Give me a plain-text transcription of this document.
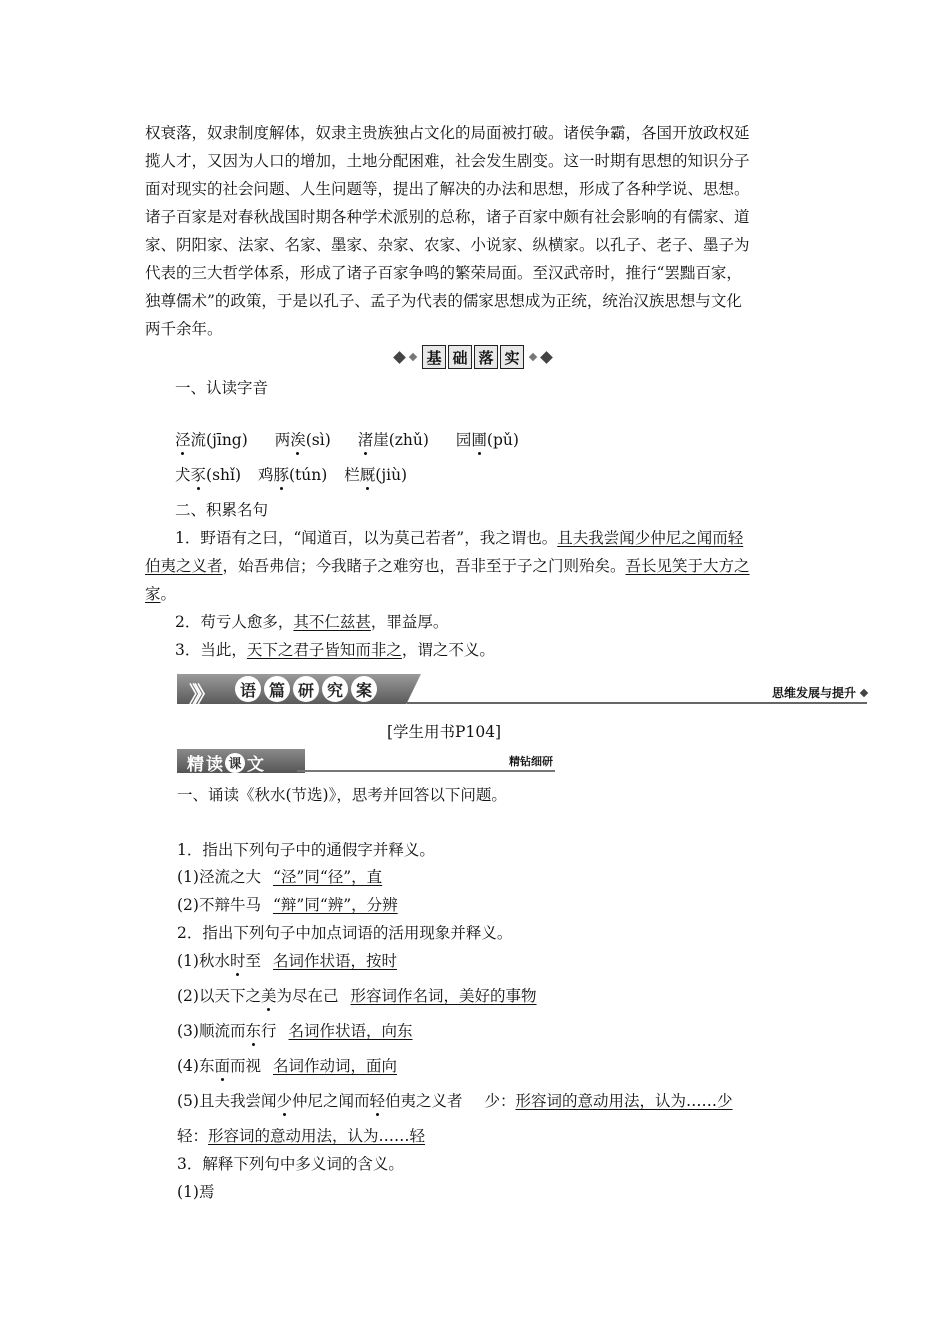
权衰落，奴隶制度解体，奴隶主贵族独占文化的局面被打破。诸侯争霸，各国开放政权延
揽人才，又因为人口的增加，土地分配困难，社会发生剧变。这一时期有思想的知识分子
面对现实的社会问题、人生问题等，提出了解决的办法和思想，形成了各种学说、思想。
诸子百家是对春秋战国时期各种学术派别的总称，诸子百家中颇有社会影响的有儒家、道
家、阴阳家、法家、名家、墨家、杂家、农家、小说家、纵横家。以孔子、老子、墨子为
代表的三大哲学体系，形成了诸子百家争鸣的繁荣局面。至汉武帝时，推行“罢黜百家，
独尊儒术”的政策，于是以孔子、孟子为代表的儒家思想成为正统，统治汉族思想与文化
两千余年。
基 础 落 实
一、认读字音
泾流(jīng) 两涘(sì) 渚崖(zhǔ) 园圃(pǔ)
犬豕(shǐ) 鸡豚(tún) 栏厩(jiù)
二、积累名句
1．野语有之曰，“闻道百，以为莫己若者”，我之谓也。且夫我尝闻少仲尼之闻而轻
伯夷之义者，始吾弗信；今我睹子之难穷也，吾非至于子之门则殆矣。吾长见笑于大方之
家。
2．苟亏人愈多，其不仁兹甚，罪益厚。
3．当此，天下之君子皆知而非之，谓之不义。
》》	语 篇 研 究 案	思维发展与提升
[学生用书P104]
精 读 课 文	精钻细研
一、诵读《秋水(节选)》，思考并回答以下问题。
1．指出下列句子中的通假字并释义。
(1)泾流之大 “泾”同“径”，直
(2)不辩牛马 “辩”同“辨”，分辨
2．指出下列句子中加点词语的活用现象并释义。
(1)秋水时至 名词作状语，按时
(2)以天下之美为尽在己 形容词作名词，美好的事物
(3)顺流而东行 名词作状语，向东
(4)东面而视 名词作动词，面向
(5)且夫我尝闻少仲尼之闻而轻伯夷之义者 少：形容词的意动用法，认为……少
轻：形容词的意动用法，认为……轻
3．解释下列句中多义词的含义。
(1)焉
